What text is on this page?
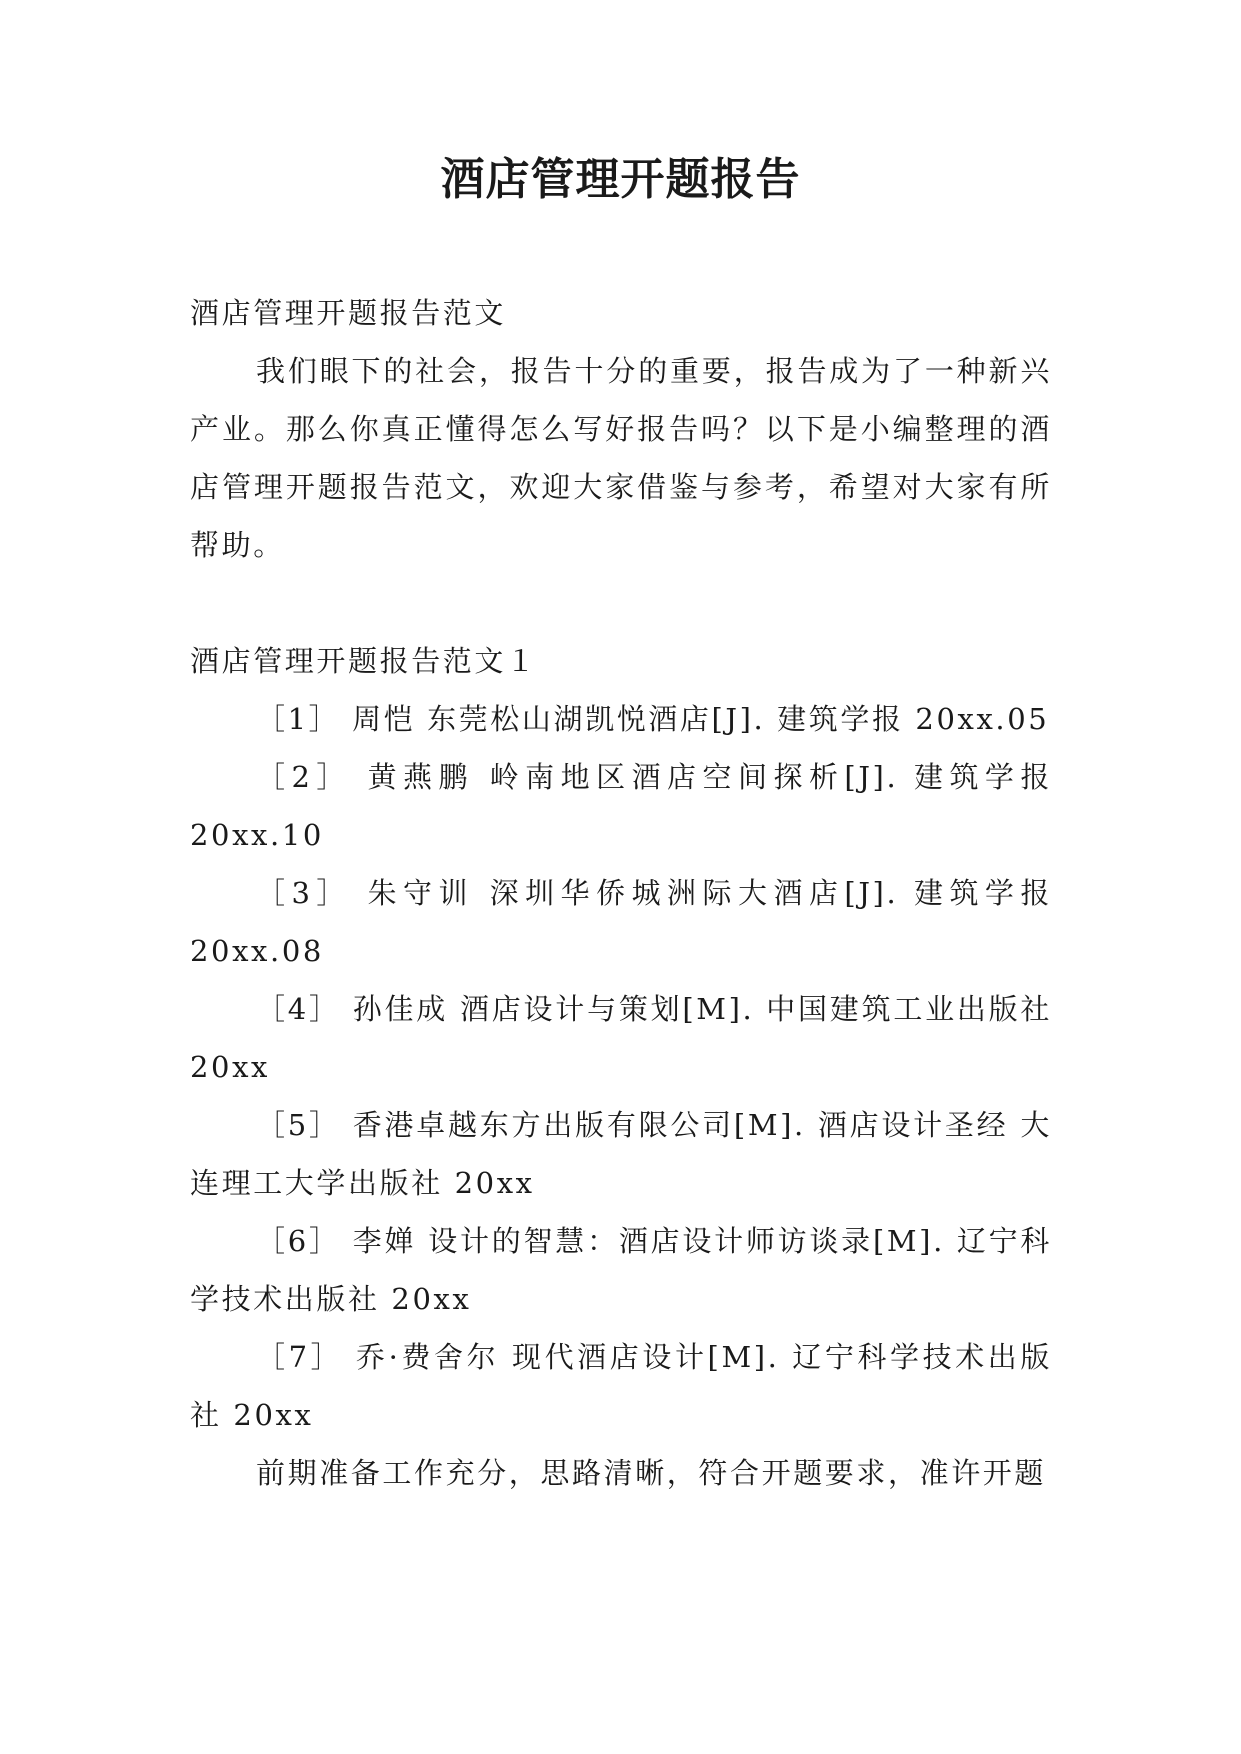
酒店管理开题报告

酒店管理开题报告范文

我们眼下的社会，报告十分的重要，报告成为了一种新兴产业。那么你真正懂得怎么写好报告吗？以下是小编整理的酒店管理开题报告范文，欢迎大家借鉴与参考，希望对大家有所帮助。

酒店管理开题报告范文１

［1］ 周恺 东莞松山湖凯悦酒店[J]. 建筑学报 20xx.05

［2］ 黄燕鹏 岭南地区酒店空间探析[J]. 建筑学报 20xx.10

［3］ 朱守训 深圳华侨城洲际大酒店[J]. 建筑学报 20xx.08

［4］ 孙佳成 酒店设计与策划[M]. 中国建筑工业出版社 20xx

［5］ 香港卓越东方出版有限公司[M]. 酒店设计圣经 大连理工大学出版社 20xx

［6］ 李婵 设计的智慧：酒店设计师访谈录[M]. 辽宁科学技术出版社 20xx

［7］ 乔·费舍尔 现代酒店设计[M]. 辽宁科学技术出版社 20xx

前期准备工作充分，思路清晰，符合开题要求，准许开题
